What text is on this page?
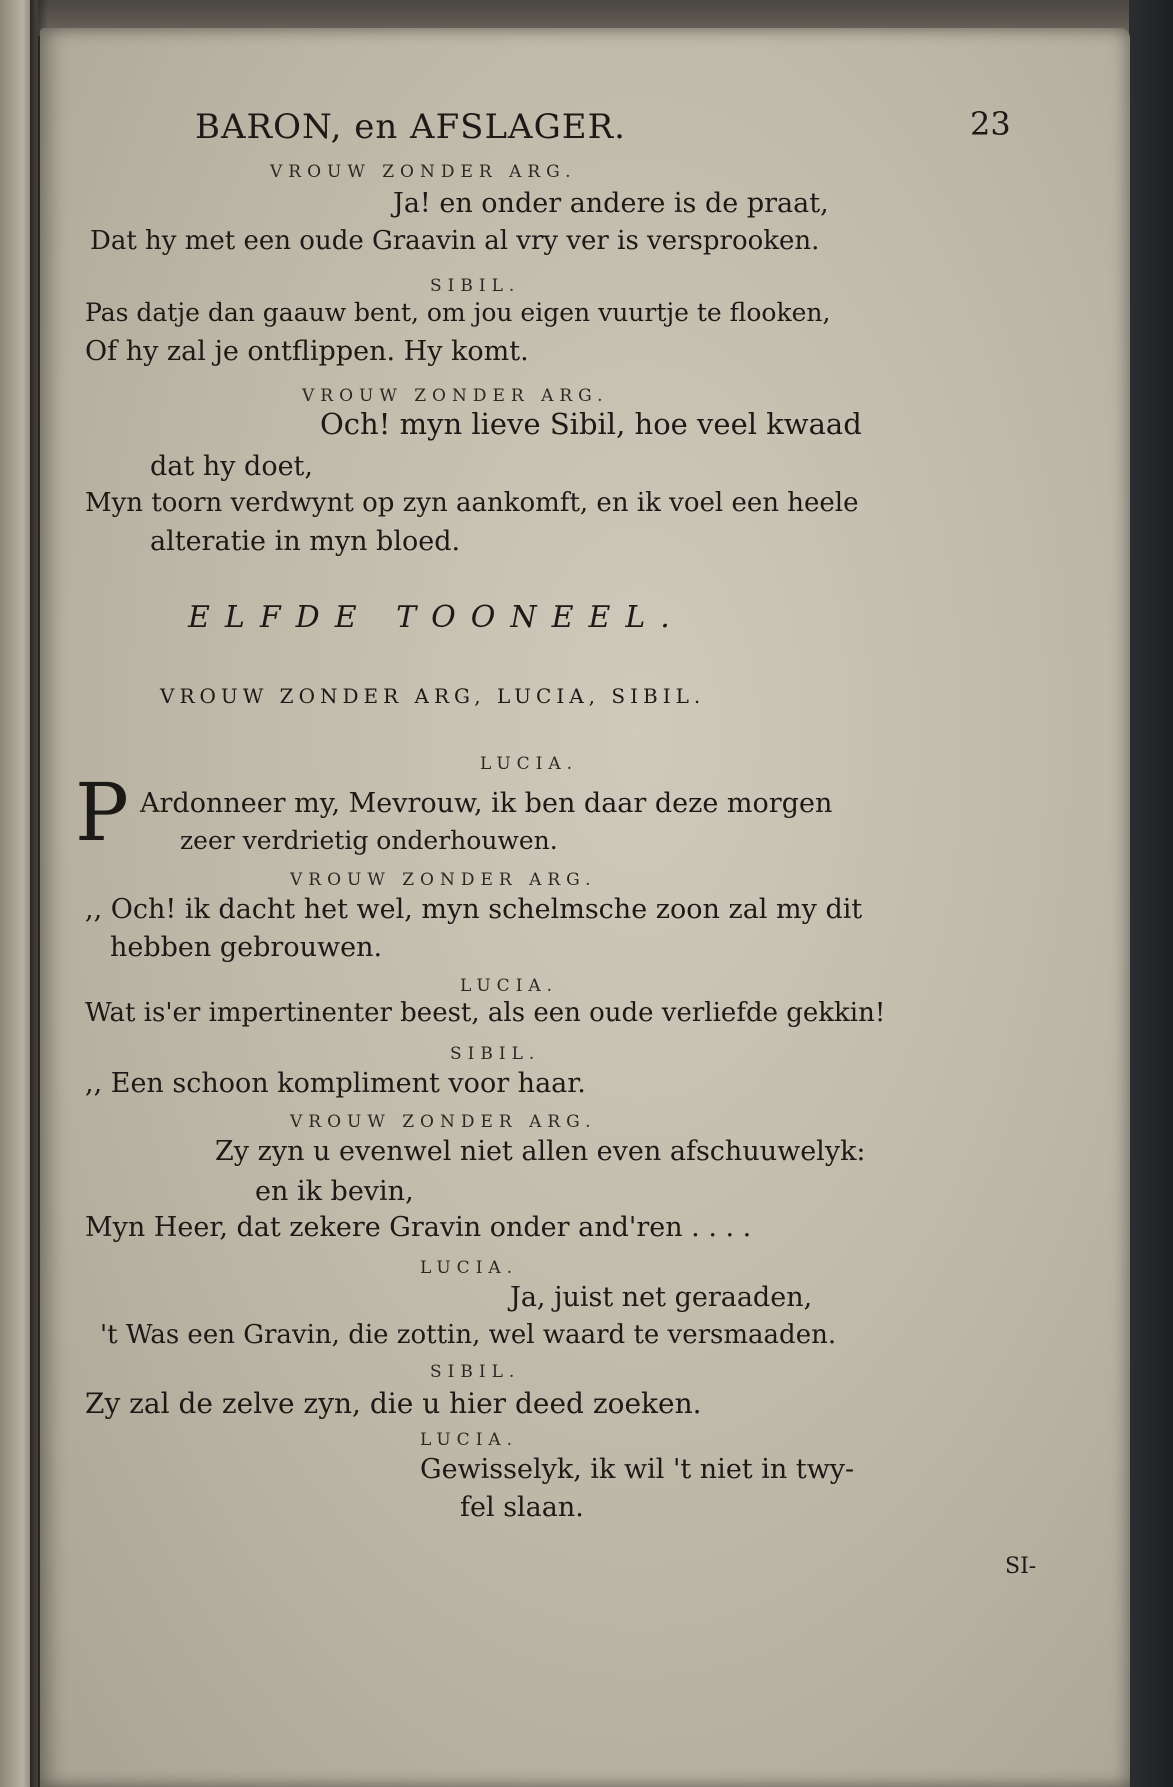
BARON, en AFSLAGER.	23
VROUW ZONDER ARG.
Ja! en onder andere is de praat,
Dat hy met een oude Graavin al vry ver is versprooken.
SIBIL.
Pas datje dan gaauw bent, om jou eigen vuurtje te flooken,
Of hy zal je ontflippen. Hy komt.
VROUW ZONDER ARG.
Och! myn lieve Sibil, hoe veel kwaad
dat hy doet,
Myn toorn verdwynt op zyn aankomft, en ik voel een heele
alteratie in myn bloed.
ELFDE TOONEEL.
VROUW ZONDER ARG, LUCIA, SIBIL.
LUCIA.
P Ardonneer my, Mevrouw, ik ben daar deze morgen
zeer verdrietig onderhouwen.
VROUW ZONDER ARG.
,, Och! ik dacht het wel, myn schelmsche zoon zal my dit
hebben gebrouwen.
LUCIA.
Wat is'er impertinenter beest, als een oude verliefde gekkin!
SIBIL.
,, Een schoon kompliment voor haar.
VROUW ZONDER ARG.
Zy zyn u evenwel niet allen even afschuuwelyk:
en ik bevin,
Myn Heer, dat zekere Gravin onder and'ren . . . .
LUCIA.
Ja, juist net geraaden,
't Was een Gravin, die zottin, wel waard te versmaaden.
SIBIL.
Zy zal de zelve zyn, die u hier deed zoeken.
LUCIA.
Gewisselyk, ik wil 't niet in twy-
fel slaan.
SI-
